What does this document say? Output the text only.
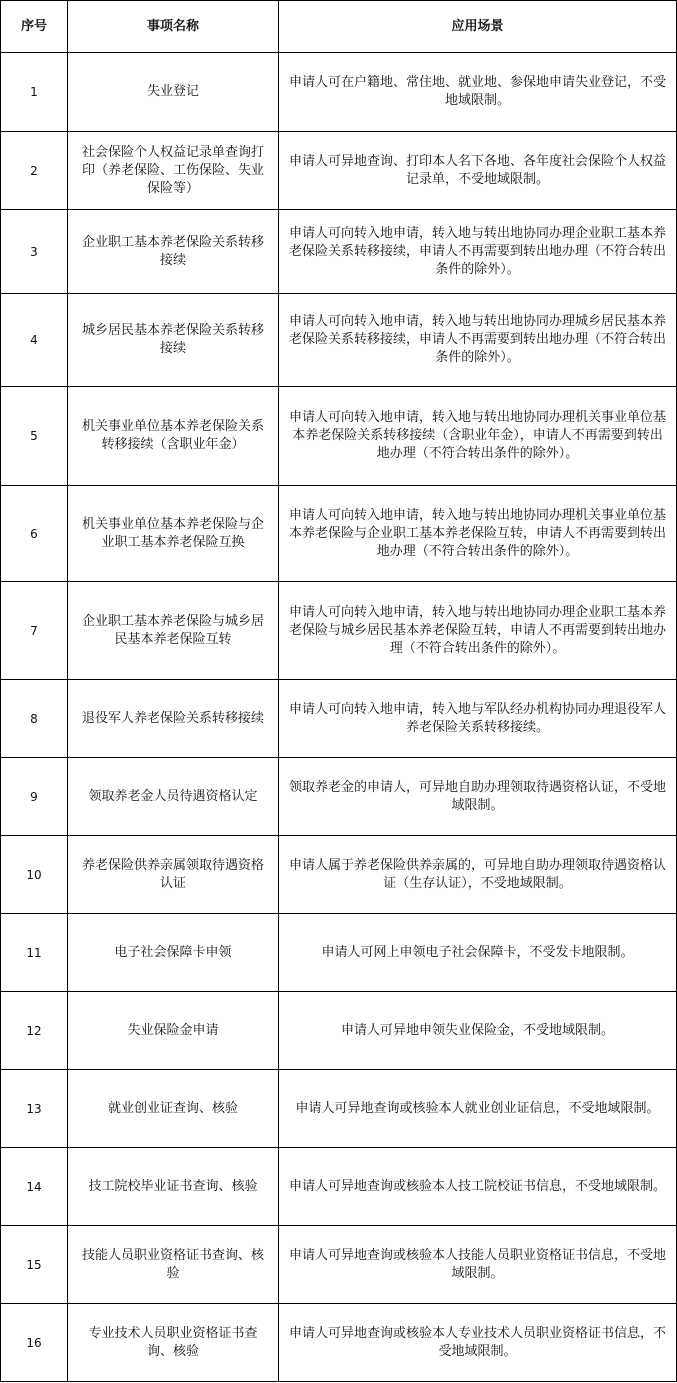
序号	事项名称	应用场景
1	失业登记	申请人可在户籍地、常住地、就业地、参保地申请失业登记，不受地域限制。
2	社会保险个人权益记录单查询打印（养老保险、工伤保险、失业保险等）	申请人可异地查询、打印本人名下各地、各年度社会保险个人权益记录单，不受地域限制。
3	企业职工基本养老保险关系转移接续	申请人可向转入地申请，转入地与转出地协同办理企业职工基本养老保险关系转移接续，申请人不再需要到转出地办理（不符合转出条件的除外）。
4	城乡居民基本养老保险关系转移接续	申请人可向转入地申请，转入地与转出地协同办理城乡居民基本养老保险关系转移接续，申请人不再需要到转出地办理（不符合转出条件的除外）。
5	机关事业单位基本养老保险关系转移接续（含职业年金）	申请人可向转入地申请，转入地与转出地协同办理机关事业单位基本养老保险关系转移接续（含职业年金），申请人不再需要到转出地办理（不符合转出条件的除外）。
6	机关事业单位基本养老保险与企业职工基本养老保险互换	申请人可向转入地申请，转入地与转出地协同办理机关事业单位基本养老保险与企业职工基本养老保险互转，申请人不再需要到转出地办理（不符合转出条件的除外）。
7	企业职工基本养老保险与城乡居民基本养老保险互转	申请人可向转入地申请，转入地与转出地协同办理企业职工基本养老保险与城乡居民基本养老保险互转，申请人不再需要到转出地办理（不符合转出条件的除外）。
8	退役军人养老保险关系转移接续	申请人可向转入地申请，转入地与军队经办机构协同办理退役军人养老保险关系转移接续。
9	领取养老金人员待遇资格认定	领取养老金的申请人，可异地自助办理领取待遇资格认证，不受地域限制。
10	养老保险供养亲属领取待遇资格认证	申请人属于养老保险供养亲属的，可异地自助办理领取待遇资格认证（生存认证），不受地域限制。
11	电子社会保障卡申领	申请人可网上申领电子社会保障卡，不受发卡地限制。
12	失业保险金申请	申请人可异地申领失业保险金，不受地域限制。
13	就业创业证查询、核验	申请人可异地查询或核验本人就业创业证信息，不受地域限制。
14	技工院校毕业证书查询、核验	申请人可异地查询或核验本人技工院校证书信息，不受地域限制。
15	技能人员职业资格证书查询、核验	申请人可异地查询或核验本人技能人员职业资格证书信息，不受地域限制。
16	专业技术人员职业资格证书查询、核验	申请人可异地查询或核验本人专业技术人员职业资格证书信息，不受地域限制。
